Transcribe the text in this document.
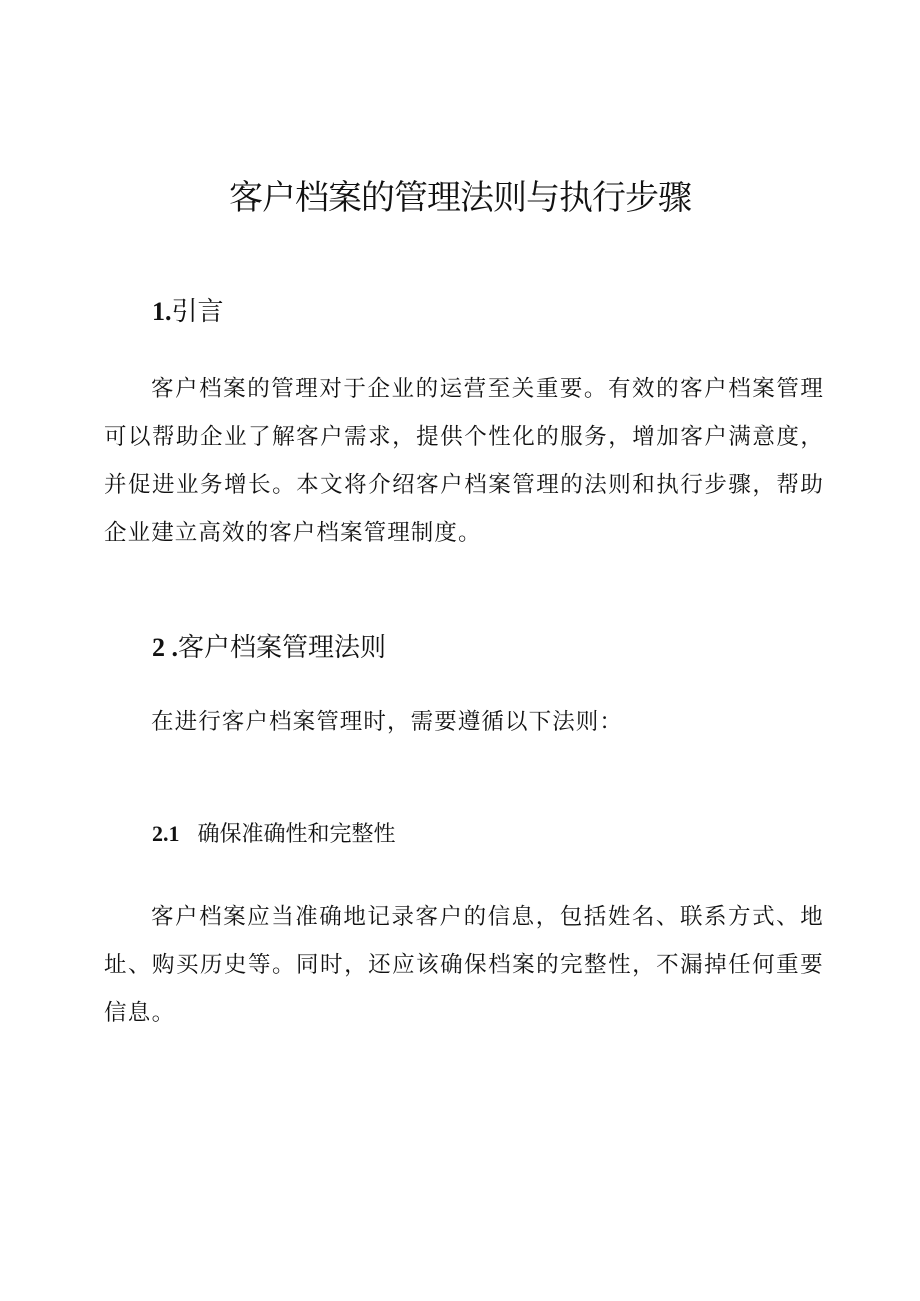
客户档案的管理法则与执行步骤
1.引言

客户档案的管理对于企业的运营至关重要。有效的客户档案管理可以帮助企业了解客户需求，提供个性化的服务，增加客户满意度，并促进业务增长。本文将介绍客户档案管理的法则和执行步骤，帮助企业建立高效的客户档案管理制度。

2 .客户档案管理法则

在进行客户档案管理时，需要遵循以下法则：

2.1 确保准确性和完整性

客户档案应当准确地记录客户的信息，包括姓名、联系方式、地址、购买历史等。同时，还应该确保档案的完整性，不漏掉任何重要信息。
